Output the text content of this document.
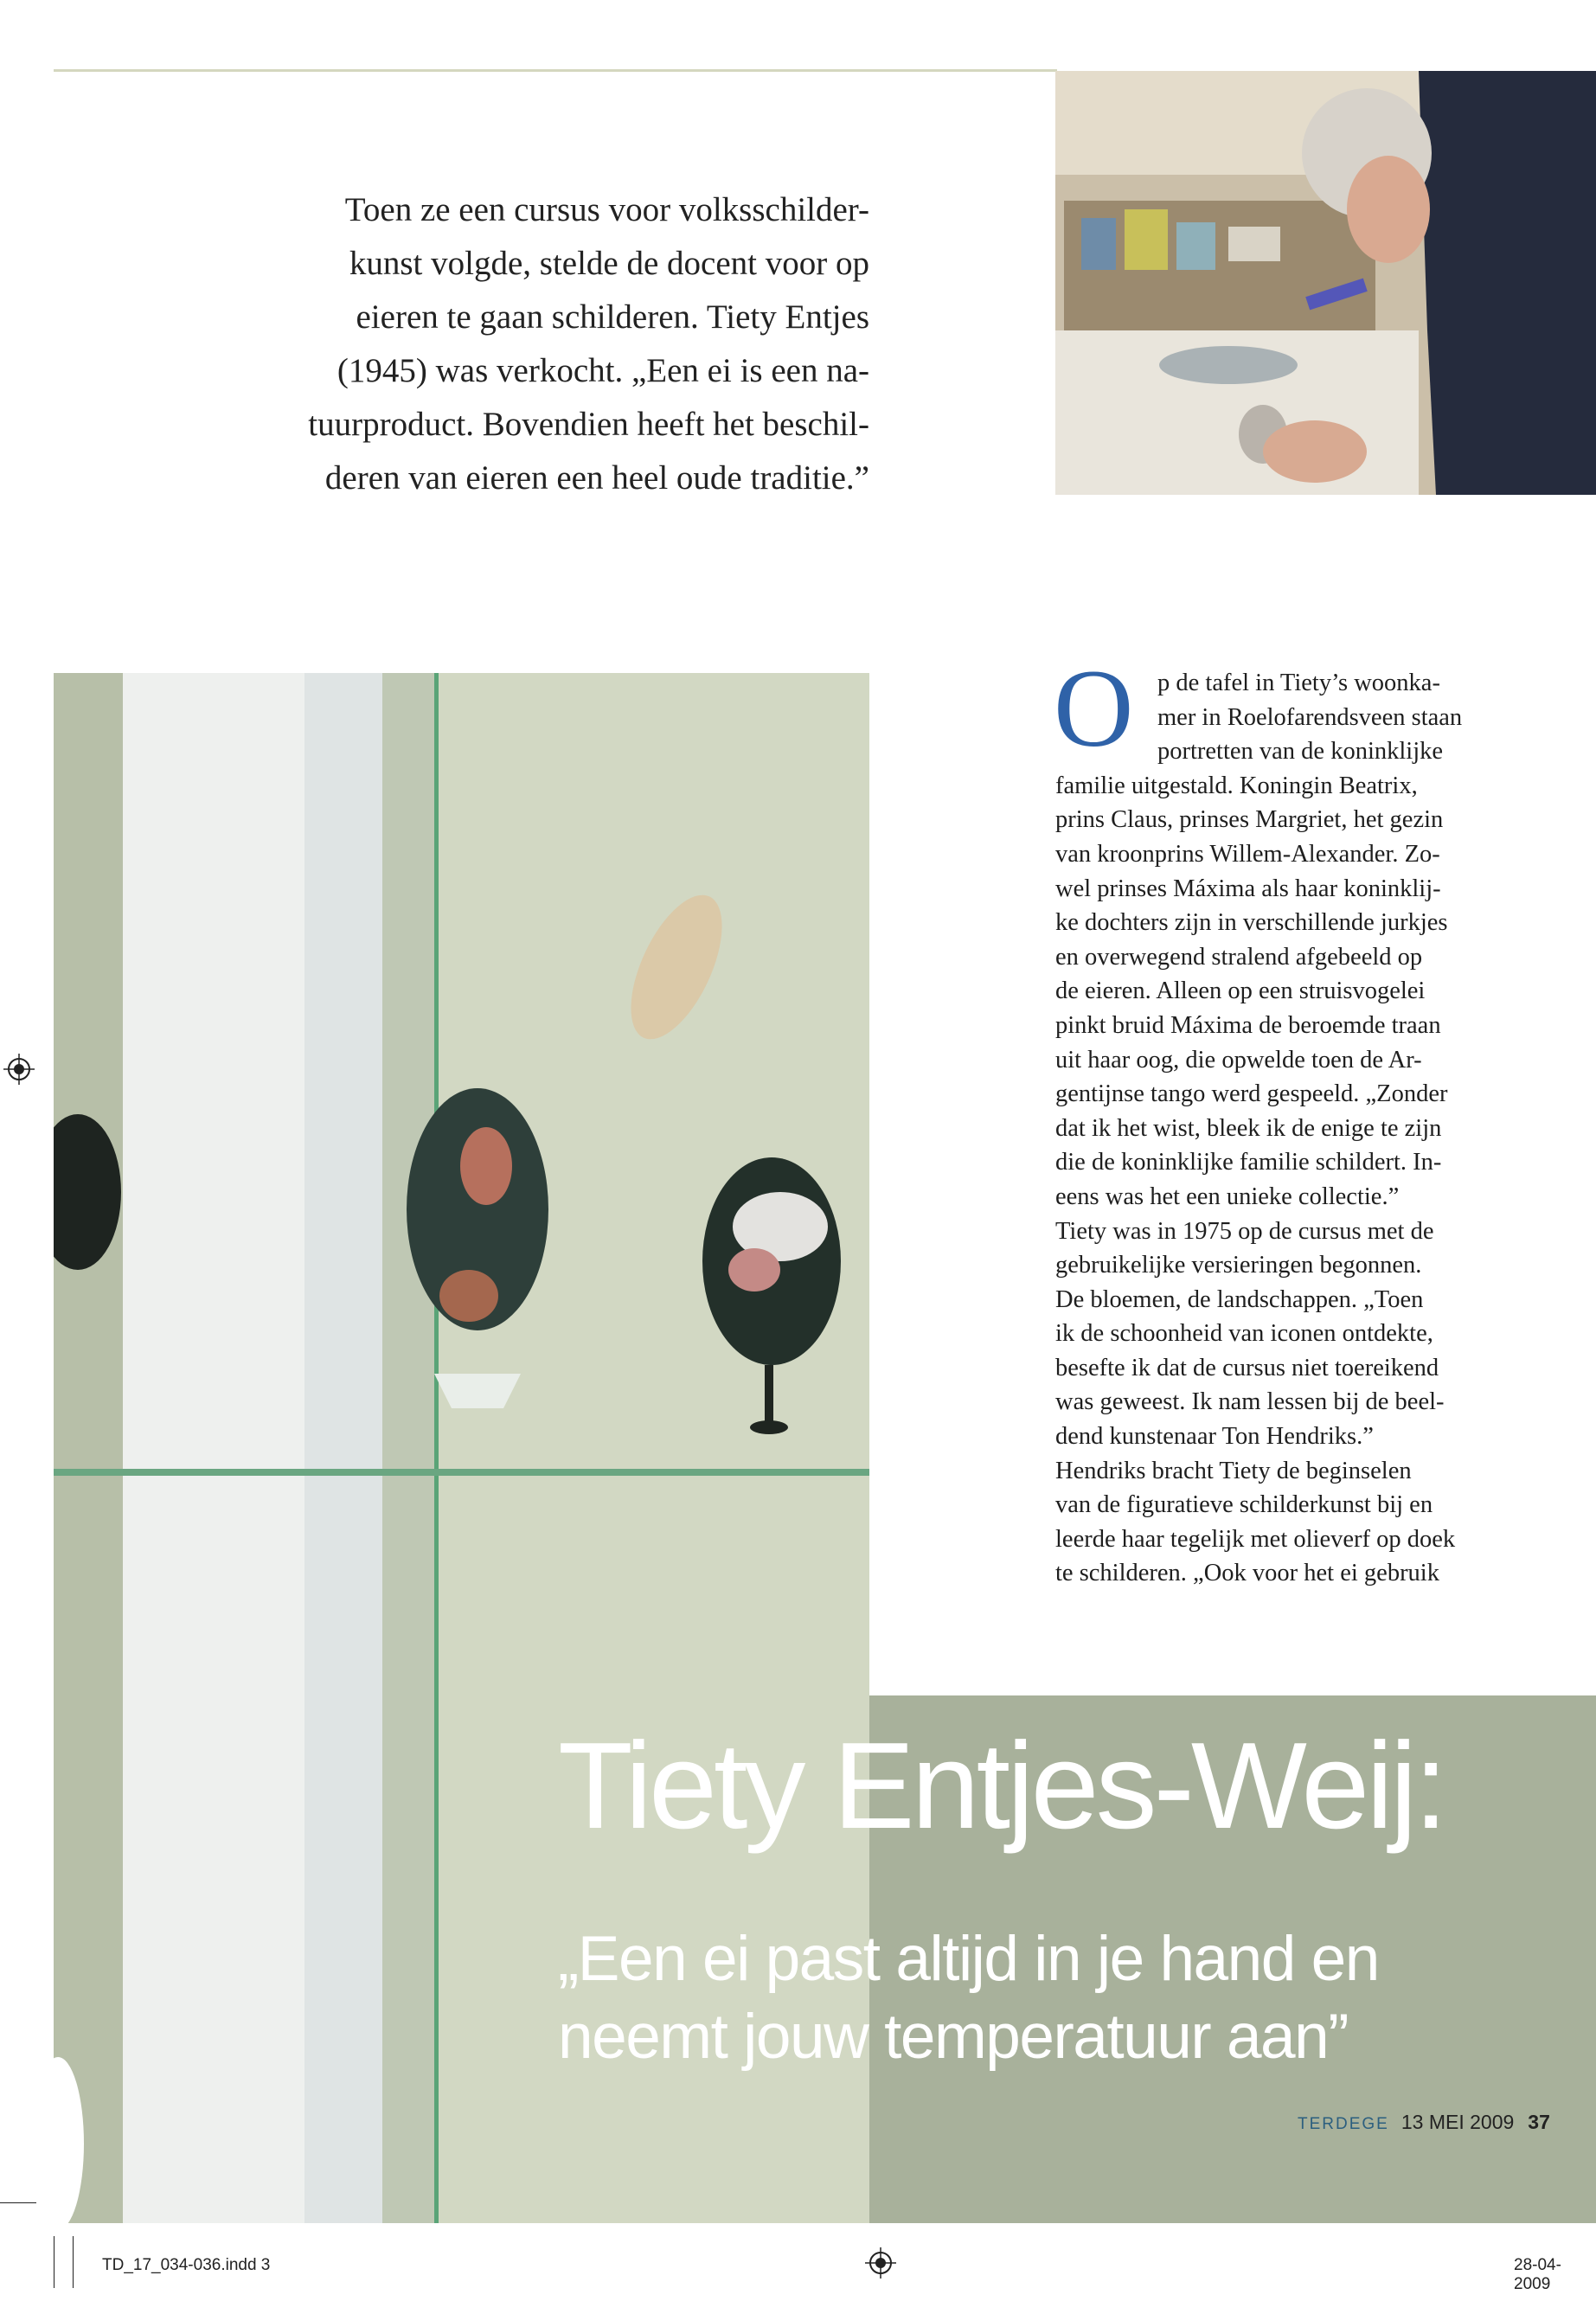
Toen ze een cursus voor volksschilder-
kunst volgde, stelde de docent voor op
eieren te gaan schilderen. Tiety Entjes
(1945) was verkocht. „Een ei is een na-
tuurproduct. Bovendien heeft het beschil-
deren van eieren een heel oude traditie.”
O p de tafel in Tiety’s woonka-
mer in Roelofarendsveen staan
portretten van de koninklijke
familie uitgestald. Koningin Beatrix,
prins Claus, prinses Margriet, het gezin
van kroonprins Willem-Alexander. Zo-
wel prinses Máxima als haar koninklij-
ke dochters zijn in verschillende jurkjes
en overwegend stralend afgebeeld op
de eieren. Alleen op een struisvogelei
pinkt bruid Máxima de beroemde traan
uit haar oog, die opwelde toen de Ar-
gentijnse tango werd gespeeld. „Zonder
dat ik het wist, bleek ik de enige te zijn
die de koninklijke familie schildert. In-
eens was het een unieke collectie.”
Tiety was in 1975 op de cursus met de
gebruikelijke versieringen begonnen.
De bloemen, de landschappen. „Toen
ik de schoonheid van iconen ontdekte,
besefte ik dat de cursus niet toereikend
was geweest. Ik nam lessen bij de beel-
dend kunstenaar Ton Hendriks.”
Hendriks bracht Tiety de beginselen
van de figuratieve schilderkunst bij en
leerde haar tegelijk met olieverf op doek
te schilderen. „Ook voor het ei gebruik
Tiety Entjes-Weij:
„Een ei past altijd in je hand en
neemt jouw temperatuur aan”
TERDEGE 13 MEI 2009 37
TD_17_034-036.indd 3	28-04-2009
